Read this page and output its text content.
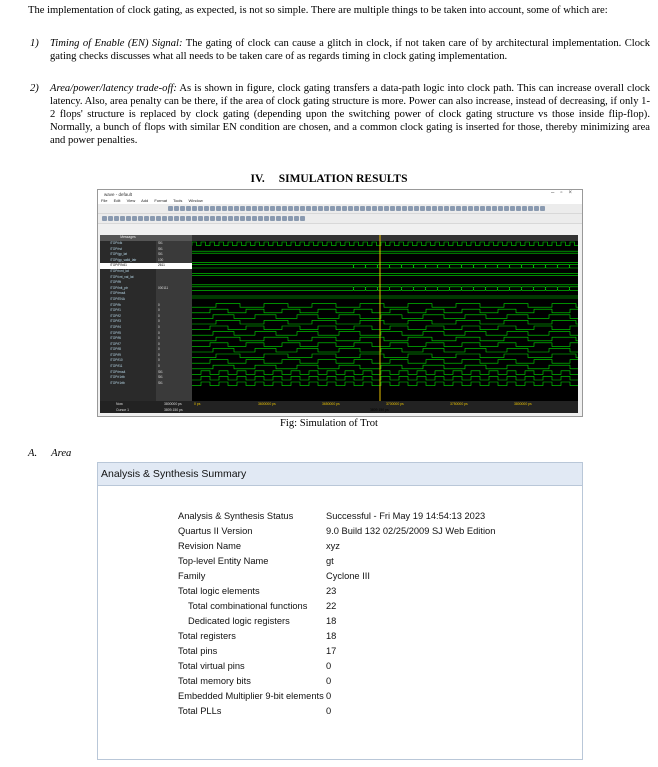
The implementation of clock gating, as expected, is not so simple. There are multiple things to be taken into account, some of which are:
1) Timing of Enable (EN) Signal: The gating of clock can cause a glitch in clock, if not taken care of by architectural implementation. Clock gating checks discusses what all needs to be taken care of as regards timing in clock gating implementation.
2) Area/power/latency trade-off: As is shown in figure, clock gating transfers a data-path logic into clock path. This can increase overall clock latency. Also, area penalty can be there, if the area of clock gating structure is more. Power can also increase, instead of decreasing, if only 1-2 flops' structure is replaced by clock gating (depending upon the switching power of clock gating structure vs those inside flip-flop). Normally, a bunch of flops with similar EN condition are chosen, and a common clock gating is inserted for those, thereby minimizing area and power penalties.
IV. SIMULATION RESULTS
wave - default	–▫×
File Edit View Add Format Tools Window
Messages
/TOP/clk
/TOP/rst
/TOP/gp_lat
/TOP/gp_valid_latr
/TOP/FIN41
/TOP/rcnt_lat
/TOP/cnt_val_lat
/TOP/fft
/TOP/init_ptr
/TOP/ena4
/TOP/ENA
/TOP/fb
/TOP/f1
/TOP/f2
/TOP/f3
/TOP/f4
/TOP/f5
/TOP/f6
/TOP/f7
/TOP/f8
/TOP/f9
/TOP/f10
/TOP/f11
/TOP/ena4
/TOP/r1rtb
/TOP/r1rtb
St1
St1
St1
100
2611
000111
0
0
0
0
0
0
0
0
0
0
0
0
St1
St1
St1
Now	3800000 ps
Cursor 1	3809.150 ps
0 ps	3600000 ps	3650000 ps	3700000 ps	3750000 ps	3800000 ps
3809.150 ps
Fig: Simulation of Trot
A. Area
Analysis & Synthesis Summary
Analysis & Synthesis Status	Successful - Fri May 19 14:54:13 2023
Quartus II Version	9.0 Build 132 02/25/2009 SJ Web Edition
Revision Name	xyz
Top-level Entity Name	gt
Family	Cyclone III
Total logic elements	23
Total combinational functions	22
Dedicated logic registers	18
Total registers	18
Total pins	17
Total virtual pins	0
Total memory bits	0
Embedded Multiplier 9-bit elements	0
Total PLLs	0
